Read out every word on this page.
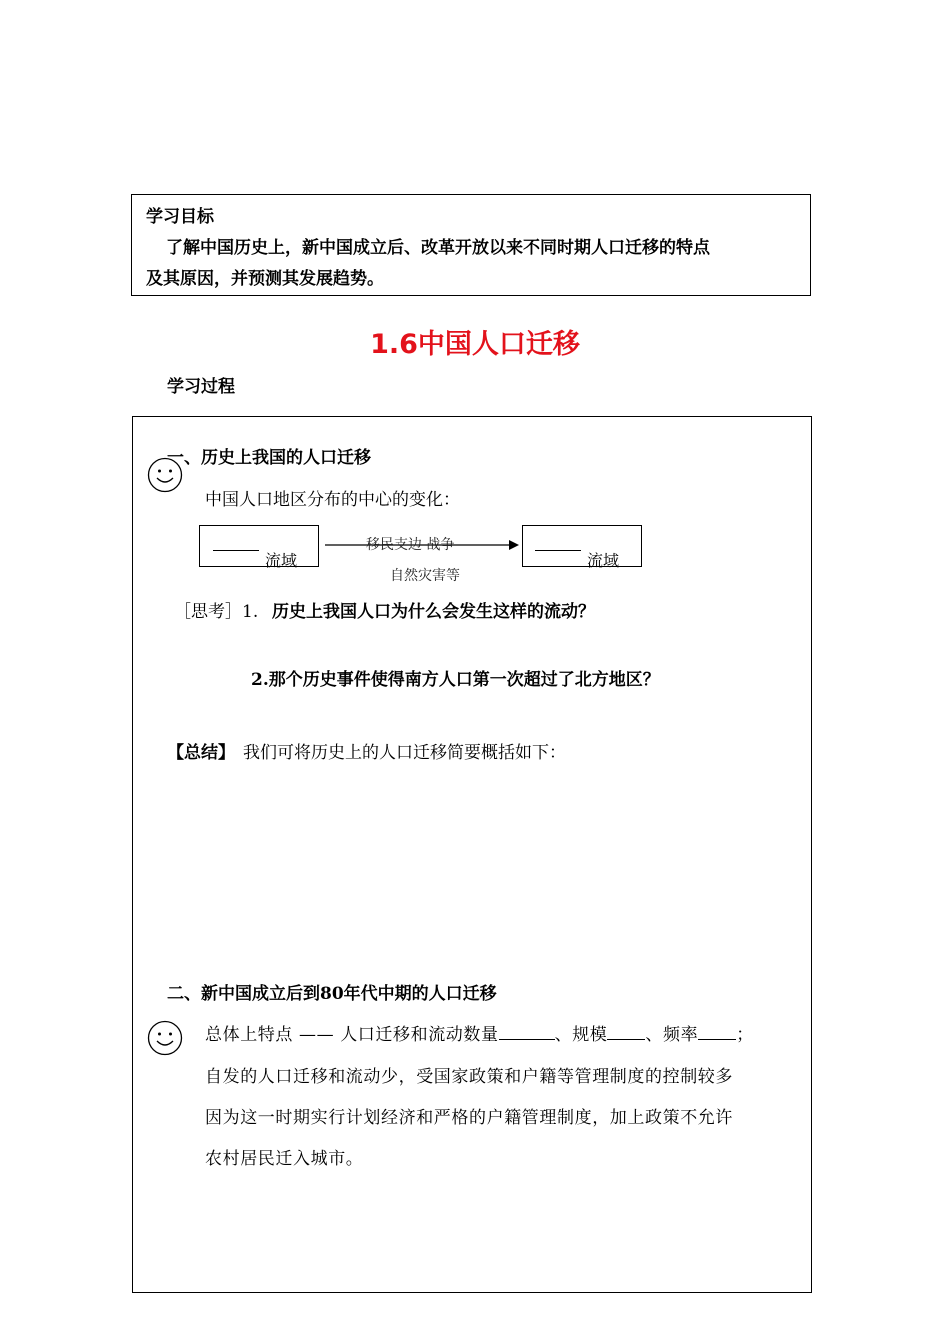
学习目标
了解中国历史上，新中国成立后、改革开放以来不同时期人口迁移的特点
及其原因，并预测其发展趋势。
1.6中国人口迁移
学习过程
一、历史上我国的人口迁移
中国人口地区分布的中心的变化：
流域
移民支边 战争
自然灾害等
流域
［思考］1. 历史上我国人口为什么会发生这样的流动？
2.那个历史事件使得南方人口第一次超过了北方地区？
【总结】 我们可将历史上的人口迁移简要概括如下：
二、新中国成立后到80年代中期的人口迁移
总体上特点 —— 人口迁移和流动数量	、规模 、频率 ；
自发的人口迁移和流动少，受国家政策和户籍等管理制度的控制较多
因为这一时期实行计划经济和严格的户籍管理制度，加上政策不允许
农村居民迁入城市。
